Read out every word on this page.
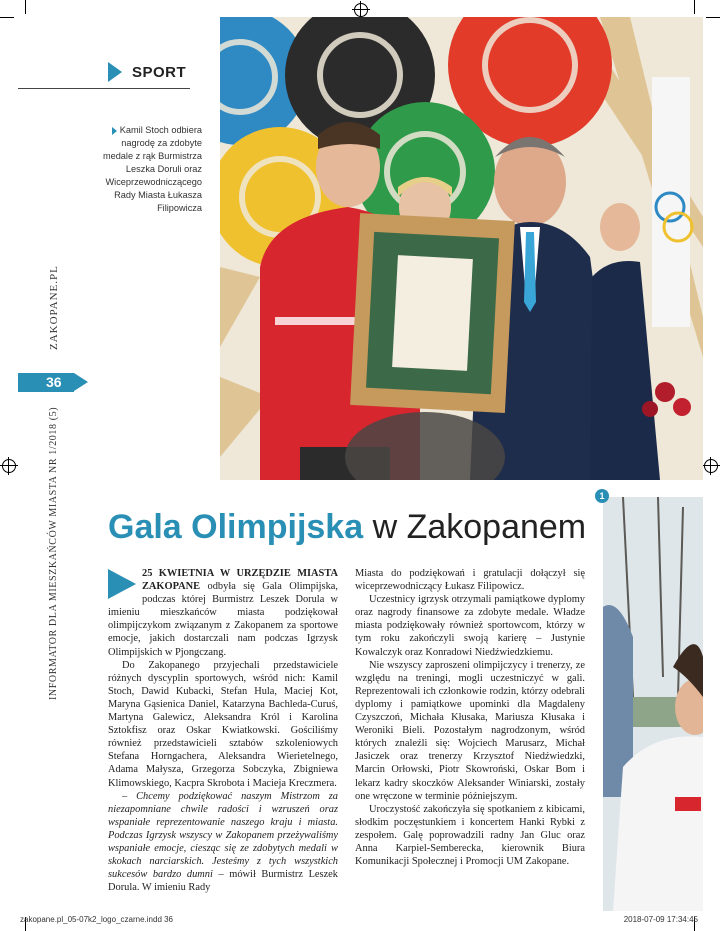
SPORT
Kamil Stoch odbiera nagrodę za zdobyte medale z rąk Burmistrza Leszka Doruli oraz Wiceprzewodniczącego Rady Miasta Łukasza Filipowicza
ZAKOPANE.PL
36
INFORMATOR DLA MIESZKAŃCÓW MIASTA NR 1/2018 (5)	1
Gala Olimpijska w Zakopanem

25 KWIETNIA W URZĘDZIE MIASTA ZAKOPANE odbyła się Gala Olimpijska, podczas której Burmistrz Leszek Dorula w imieniu mieszkańców miasta podziękował olimpijczykom związanym z Zakopanem za sportowe emocje, jakich dostarczali nam podczas Igrzysk Olimpijskich w Pjongczang.

Do Zakopanego przyjechali przedstawiciele różnych dyscyplin sportowych, wśród nich: Kamil Stoch, Dawid Kubacki, Stefan Hula, Maciej Kot, Maryna Gąsienica Daniel, Katarzyna Bachleda-Curuś, Martyna Galewicz, Aleksandra Król i Karolina Sztokfisz oraz Oskar Kwiatkowski. Gościliśmy również przedstawicieli sztabów szkoleniowych Stefana Horngachera, Aleksandra Wierietelnego, Adama Małysza, Grzegorza Sobczyka, Zbigniewa Klimowskiego, Kacpra Skrobota i Macieja Kreczmera.

– Chcemy podziękować naszym Mistrzom za niezapomniane chwile radości i wzruszeń oraz wspaniałe reprezentowanie naszego kraju i miasta. Podczas Igrzysk wszyscy w Zakopanem przeżywaliśmy wspaniałe emocje, ciesząc się ze zdobytych medali w skokach narciarskich. Jesteśmy z tych wszystkich sukcesów bardzo dumni – mówił Burmistrz Leszek Dorula. W imieniu Rady

Miasta do podziękowań i gratulacji dołączył się wiceprzewodniczący Łukasz Filipowicz.

Uczestnicy igrzysk otrzymali pamiątkowe dyplomy oraz nagrody finansowe za zdobyte medale. Władze miasta podziękowały również sportowcom, którzy w tym roku zakończyli swoją karierę – Justynie Kowalczyk oraz Konradowi Niedźwiedzkiemu.

Nie wszyscy zaproszeni olimpijczycy i trenerzy, ze względu na treningi, mogli uczestniczyć w gali. Reprezentowali ich członkowie rodzin, którzy odebrali dyplomy i pamiątkowe upominki dla Magdaleny Czyszczoń, Michała Kłusaka, Mariusza Kłusaka i Weroniki Bieli. Pozostałym nagrodzonym, wśród których znaleźli się: Wojciech Marusarz, Michał Jasiczek oraz trenerzy Krzysztof Niedźwiedzki, Marcin Orłowski, Piotr Skowroński, Oskar Bom i lekarz kadry skoczków Aleksander Winiarski, zostały one wręczone w terminie późniejszym.

Uroczystość zakończyła się spotkaniem z kibicami, słodkim poczęstunkiem i koncertem Hanki Rybki z zespołem. Galę poprowadzili radny Jan Gluc oraz Anna Karpiel-Semberecka, kierownik Biura Komunikacji Społecznej i Promocji UM Zakopane.

zakopane.pl_05-07k2_logo_czarne.indd 36	2018-07-09 17:34:45
